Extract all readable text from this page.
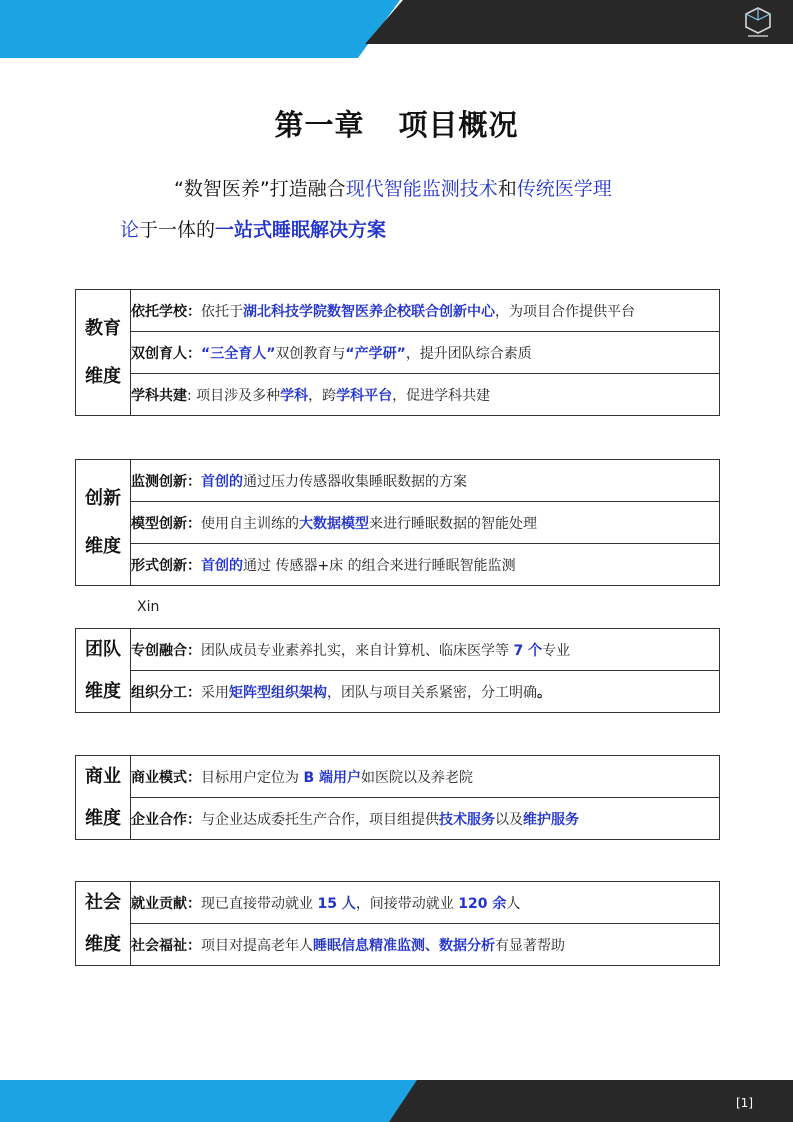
第一章 项目概况
“数智医养”打造融合现代智能监测技术和传统医学理
论于一体的一站式睡眠解决方案
教育
维度
	依托学校：依托于湖北科技学院数智医养企校联合创新中心，为项目合作提供平台
双创育人：“三全育人”双创教育与“产学研”，提升团队综合素质
学科共建: 项目涉及多种学科，跨学科平台，促进学科共建
创新
维度
	监测创新：首创的通过压力传感器收集睡眠数据的方案
模型创新：使用自主训练的大数据模型来进行睡眠数据的智能处理
形式创新：首创的通过 传感器+床 的组合来进行睡眠智能监测
Xin
团队
维度
	专创融合：团队成员专业素养扎实，来自计算机、临床医学等 7 个专业
组织分工：采用矩阵型组织架构，团队与项目关系紧密，分工明确。
商业
维度
	商业模式：目标用户定位为 B 端用户如医院以及养老院
企业合作：与企业达成委托生产合作，项目组提供技术服务以及维护服务
社会
维度
	就业贡献：现已直接带动就业 15 人，间接带动就业 120 余人
社会福祉：项目对提高老年人睡眠信息精准监测、数据分析有显著帮助
[1]
